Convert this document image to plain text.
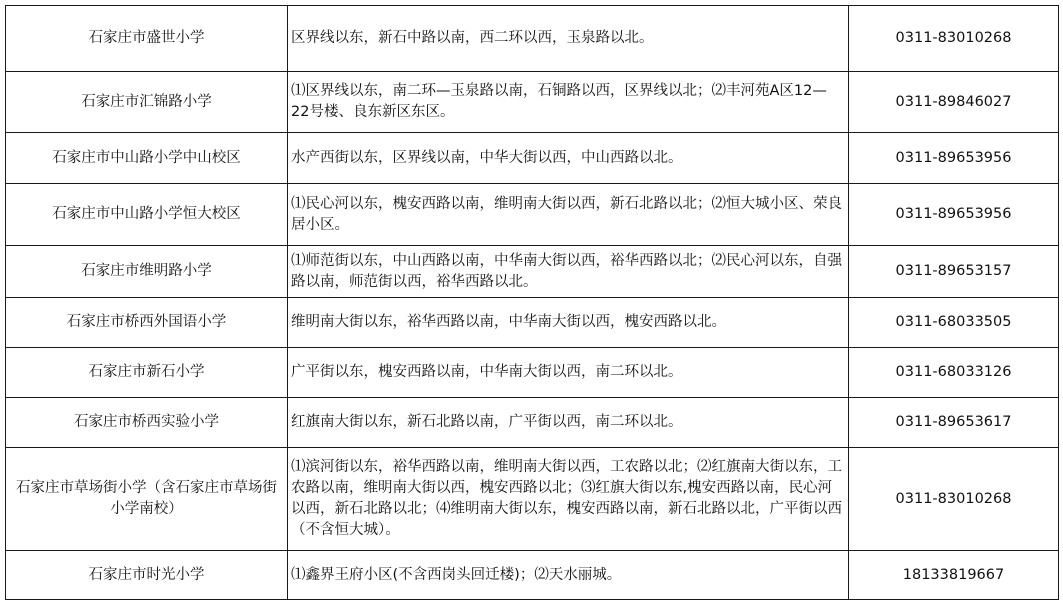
石家庄市盛世小学	区界线以东，新石中路以南，西二环以西，玉泉路以北。	0311-83010268
石家庄市汇锦路小学	⑴区界线以东，南二环—玉泉路以南，石铜路以西，区界线以北；⑵丰河苑A区12—22号楼、良东新区东区。	0311-89846027
石家庄市中山路小学中山校区	水产西街以东，区界线以南，中华大街以西，中山西路以北。	0311-89653956
石家庄市中山路小学恒大校区	⑴民心河以东，槐安西路以南，维明南大街以西，新石北路以北；⑵恒大城小区、荣良居小区。	0311-89653956
石家庄市维明路小学	⑴师范街以东，中山西路以南，中华南大街以西，裕华西路以北；⑵民心河以东，自强路以南，师范街以西，裕华西路以北。	0311-89653157
石家庄市桥西外国语小学	维明南大街以东，裕华西路以南，中华南大街以西，槐安西路以北。	0311-68033505
石家庄市新石小学	广平街以东，槐安西路以南，中华南大街以西，南二环以北。	0311-68033126
石家庄市桥西实验小学	红旗南大街以东，新石北路以南，广平街以西，南二环以北。	0311-89653617
石家庄市草场街小学（含石家庄市草场街小学南校）	⑴滨河街以东，裕华西路以南，维明南大街以西，工农路以北；⑵红旗南大街以东，工农路以南，维明南大街以西，槐安西路以北；⑶红旗大街以东,槐安西路以南，民心河以西，新石北路以北；⑷维明南大街以东，槐安西路以南，新石北路以北，广平街以西（不含恒大城）。	0311-83010268
石家庄市时光小学	⑴鑫界王府小区(不含西岗头回迁楼)；⑵天水丽城。	18133819667
